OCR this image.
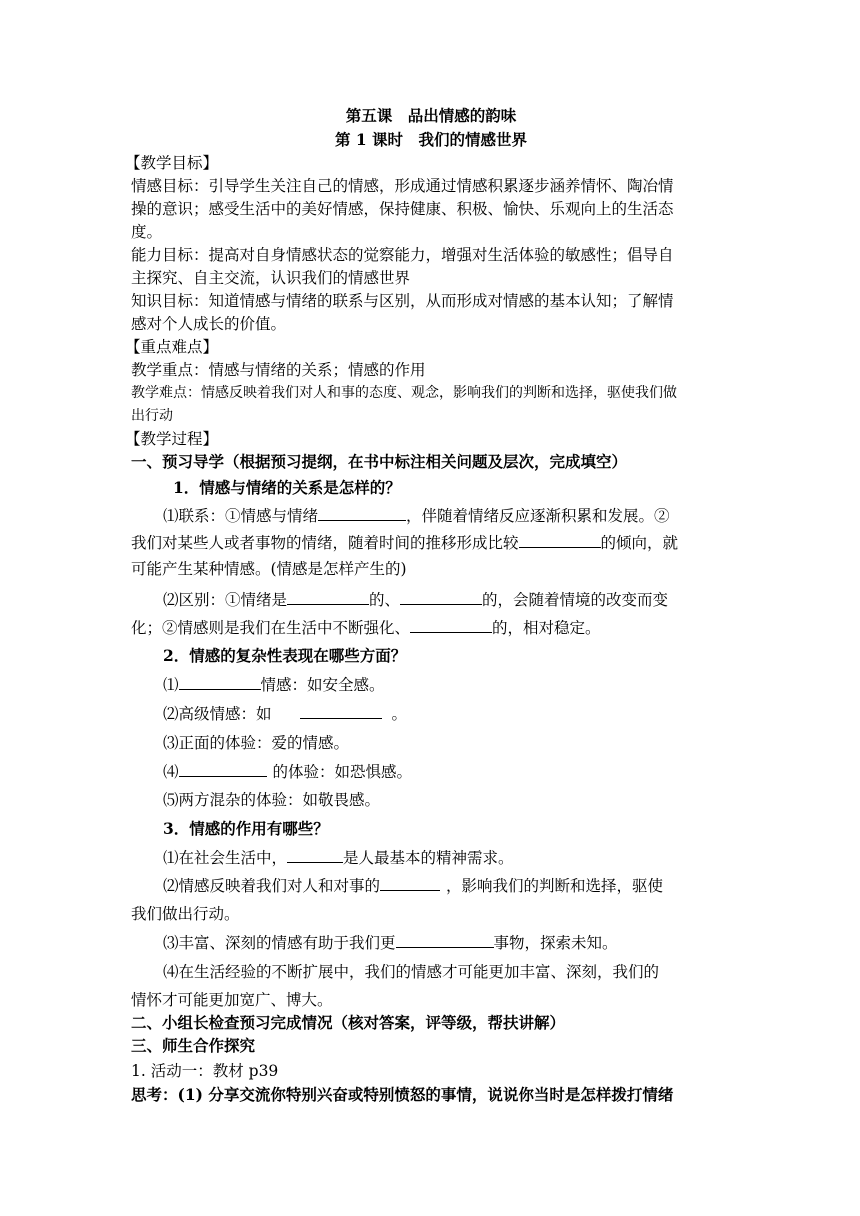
第五课　品出情感的韵味
第 1 课时　我们的情感世界
【教学目标】
情感目标：引导学生关注自己的情感，形成通过情感积累逐步涵养情怀、陶冶情
操的意识；感受生活中的美好情感，保持健康、积极、愉快、乐观向上的生活态
度。
能力目标：提高对自身情感状态的觉察能力，增强对生活体验的敏感性；倡导自
主探究、自主交流，认识我们的情感世界
知识目标：知道情感与情绪的联系与区别，从而形成对情感的基本认知；了解情
感对个人成长的价值。
【重点难点】
教学重点：情感与情绪的关系；情感的作用
教学难点：情感反映着我们对人和事的态度、观念，影响我们的判断和选择，驱使我们做
出行动
【教学过程】
一、预习导学（根据预习提纲，在书中标注相关问题及层次，完成填空）
1．情感与情绪的关系是怎样的？
⑴联系：①情感与情绪	，伴随着情绪反应逐渐积累和发展。②
我们对某些人或者事物的情绪，随着时间的推移形成比较	的倾向，就
可能产生某种情感。(情感是怎样产生的)
⑵区别：①情绪是	的、	的，会随着情境的改变而变
化；②情感则是我们在生活中不断强化、	的，相对稳定。
2．情感的复杂性表现在哪些方面？
⑴	情感：如安全感。
⑵高级情感：如	。
⑶正面的体验：爱的情感。
⑷	的体验：如恐惧感。
⑸两方混杂的体验：如敬畏感。
3．情感的作用有哪些？
⑴在社会生活中，	是人最基本的精神需求。
⑵情感反映着我们对人和对事的	，影响我们的判断和选择，驱使
我们做出行动。
⑶丰富、深刻的情感有助于我们更	事物，探索未知。
⑷在生活经验的不断扩展中，我们的情感才可能更加丰富、深刻，我们的
情怀才可能更加宽广、博大。
二、小组长检查预习完成情况（核对答案，评等级，帮扶讲解）
三、师生合作探究
1. 活动一：教材 p39
思考：(1) 分享交流你特别兴奋或特别愤怒的事情，说说你当时是怎样拨打情绪
